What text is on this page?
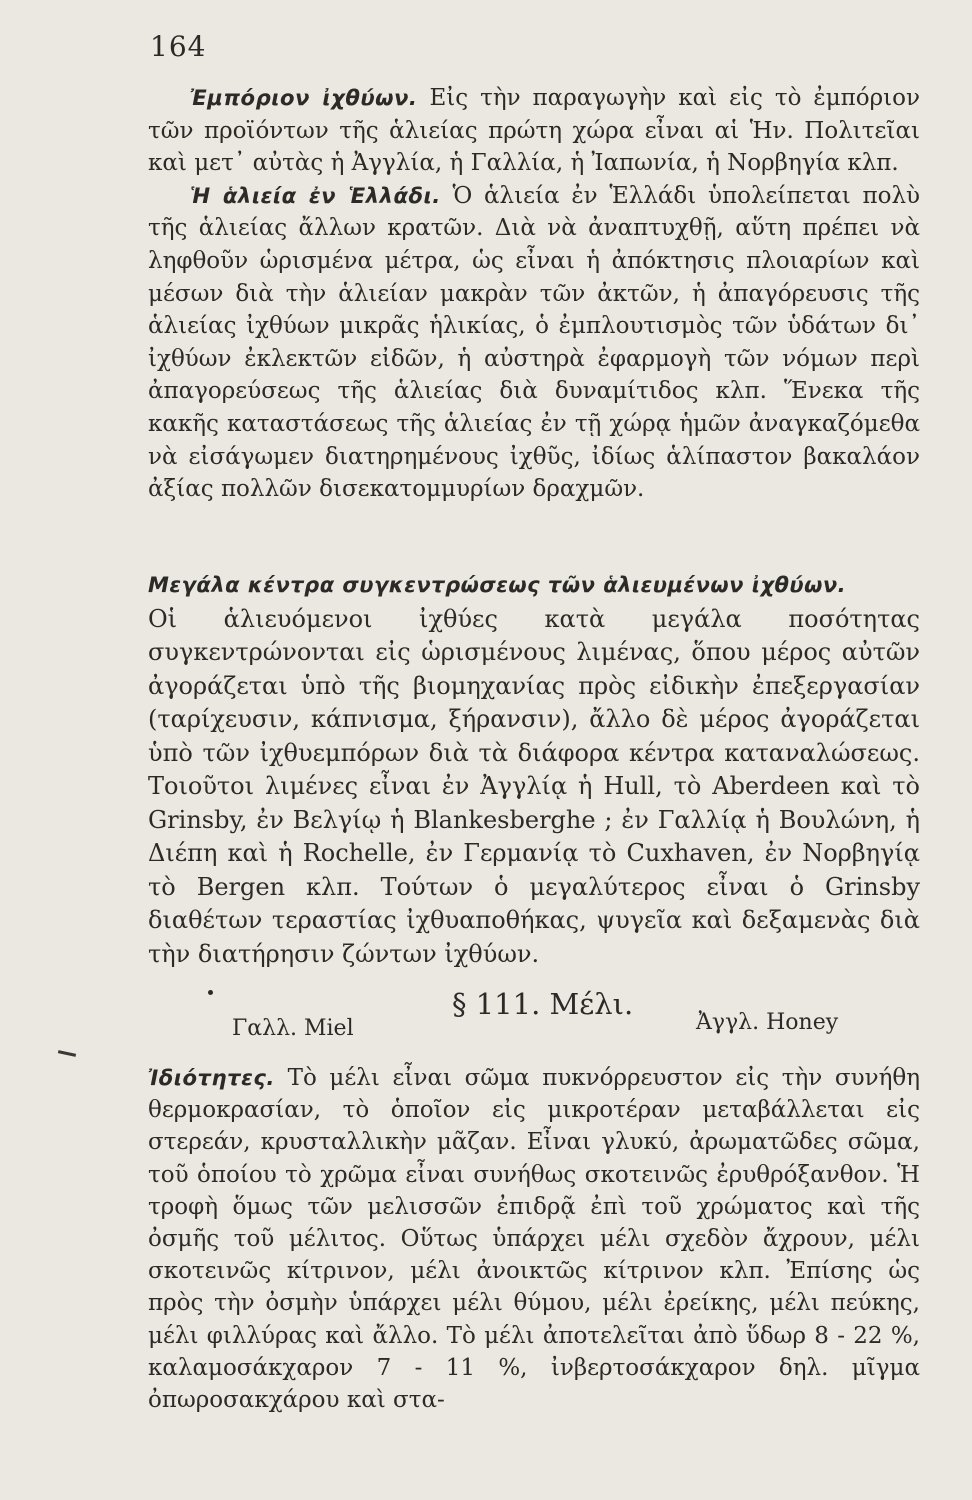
164

Ἐμπόριον ἰχθύων. Εἰς τὴν παραγωγὴν καὶ εἰς τὸ ἐμπόριον τῶν προϊόντων τῆς ἁλιείας πρώτη χώρα εἶναι αἱ Ἡν. Πολιτεῖαι καὶ μετ᾽ αὐτὰς ἡ Ἀγγλία, ἡ Γαλλία, ἡ Ἰαπωνία, ἡ Νορβηγία κλπ.

Ἡ ἁλιεία ἐν Ἑλλάδι. Ὁ ἁλιεία ἐν Ἑλλάδι ὑπολείπεται πολὺ τῆς ἁλιείας ἄλλων κρατῶν. Διὰ νὰ ἀναπτυχθῇ, αὕτη πρέπει νὰ ληφθοῦν ὡρισμένα μέτρα, ὡς εἶναι ἡ ἀπόκτησις πλοιαρίων καὶ μέσων διὰ τὴν ἁλιείαν μακρὰν τῶν ἀκτῶν, ἡ ἀπαγόρευσις τῆς ἁλιείας ἰχθύων μικρᾶς ἡλικίας, ὁ ἐμπλουτισμὸς τῶν ὑδάτων δι᾽ ἰχθύων ἐκλεκτῶν εἰδῶν, ἡ αὐστηρὰ ἐφαρμογὴ τῶν νόμων περὶ ἀπαγορεύσεως τῆς ἁλιείας διὰ δυναμίτιδος κλπ. Ἕνεκα τῆς κακῆς καταστάσεως τῆς ἁλιείας ἐν τῇ χώρᾳ ἡμῶν ἀναγκαζόμεθα νὰ εἰσάγωμεν διατηρημένους ἰχθῦς, ἰδίως ἁλίπαστον βακαλάον ἀξίας πολλῶν δισεκατομμυρίων δραχμῶν.

Μεγάλα κέντρα συγκεντρώσεως τῶν ἁλιευμένων ἰχθύων.

Οἱ ἁλιευόμενοι ἰχθύες κατὰ μεγάλα ποσότητας συγκεντρώνονται εἰς ὡρισμένους λιμένας, ὅπου μέρος αὐτῶν ἀγοράζεται ὑπὸ τῆς βιομηχανίας πρὸς εἰδικὴν ἐπεξεργασίαν (ταρίχευσιν, κάπνισμα, ξήρανσιν), ἄλλο δὲ μέρος ἀγοράζεται ὑπὸ τῶν ἰχθυεμπόρων διὰ τὰ διάφορα κέντρα καταναλώσεως. Τοιοῦτοι λιμένες εἶναι ἐν Ἀγγλίᾳ ἡ Hull, τὸ Aberdeen καὶ τὸ Grinsby, ἐν Βελγίῳ ἡ Blankesberghe ; ἐν Γαλλίᾳ ἡ Βουλώνη, ἡ Διέπη καὶ ἡ Rochelle, ἐν Γερμανίᾳ τὸ Cuxhaven, ἐν Νορβηγίᾳ τὸ Bergen κλπ. Τούτων ὁ μεγαλύτερος εἶναι ὁ Grinsby διαθέτων τεραστίας ἰχθυαποθήκας, ψυγεῖα καὶ δεξαμενὰς διὰ τὴν διατήρησιν ζώντων ἰχθύων.

§ 111. Μέλι.
Γαλλ. Miel	Ἀγγλ. Honey

Ἰδιότητες. Τὸ μέλι εἶναι σῶμα πυκνόρρευστον εἰς τὴν συνήθη θερμοκρασίαν, τὸ ὁποῖον εἰς μικροτέραν μεταβάλλεται εἰς στερεάν, κρυσταλλικὴν μᾶζαν. Εἶναι γλυκύ, ἀρωματῶδες σῶμα, τοῦ ὁποίου τὸ χρῶμα εἶναι συνήθως σκοτεινῶς ἐρυθρόξανθον. Ἡ τροφὴ ὅμως τῶν μελισσῶν ἐπιδρᾷ ἐπὶ τοῦ χρώματος καὶ τῆς ὀσμῆς τοῦ μέλιτος. Οὕτως ὑπάρχει μέλι σχεδὸν ἄχρουν, μέλι σκοτεινῶς κίτρινον, μέλι ἀνοικτῶς κίτρινον κλπ. Ἐπίσης ὡς πρὸς τὴν ὀσμὴν ὑπάρχει μέλι θύμου, μέλι ἐρείκης, μέλι πεύκης, μέλι φιλλύρας καὶ ἄλλο. Τὸ μέλι ἀποτελεῖται ἀπὸ ὕδωρ 8 - 22 %, καλαμοσάκχαρον 7 - 11 %, ἰνβερτοσάκχαρον δηλ. μῖγμα ὀπωροσακχάρου καὶ στα-
